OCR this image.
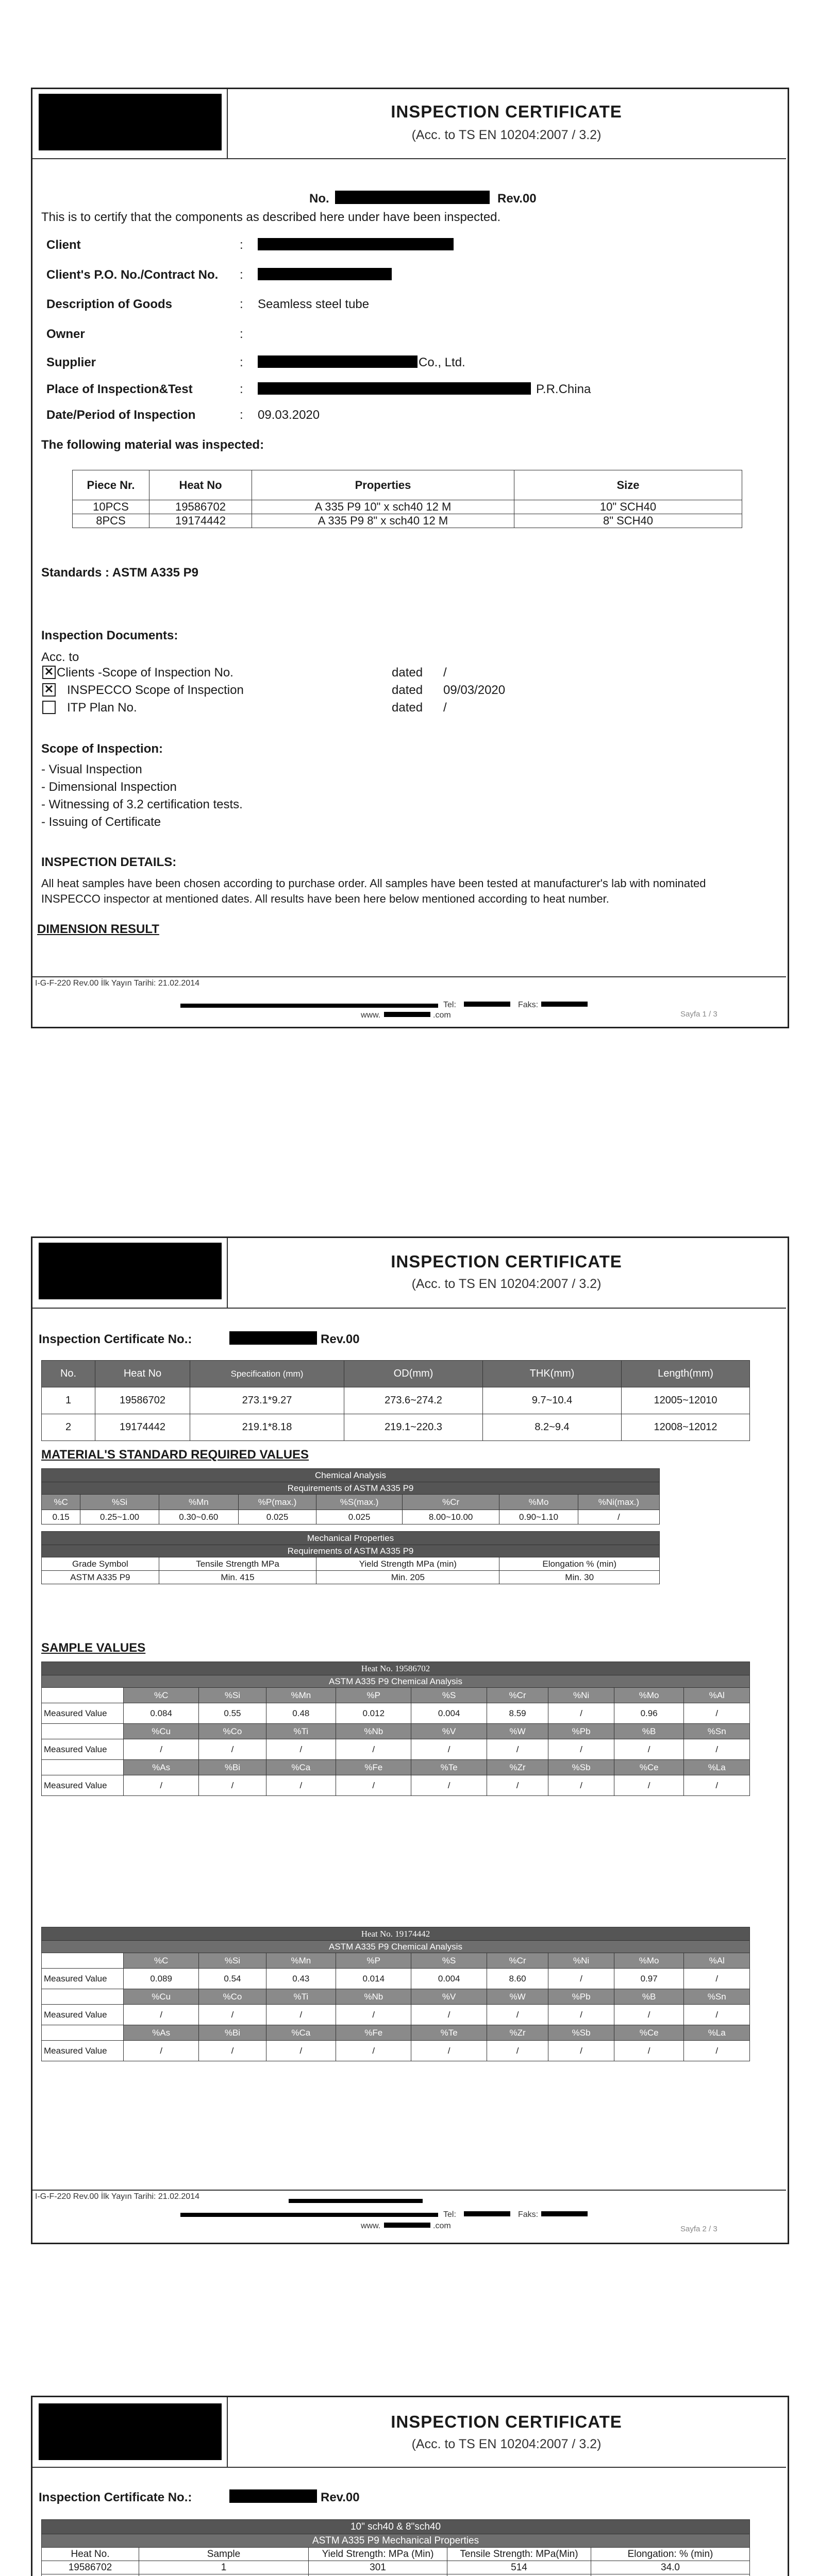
INSPECTION CERTIFICATE
(Acc. to TS EN 10204:2007 / 3.2)
No.	Rev.00
This is to certify that the components as described here under have been inspected.
Client	:
Client's P.O. No./Contract No. :
Description of Goods	: Seamless steel tube
Owner	:
Supplier	:	Co., Ltd.
Place of Inspection&Test	:	P.R.China
Date/Period of Inspection	: 09.03.2020
The following material was inspected:
Piece Nr.	Heat No	Properties	Size
10PCS	19586702	A 335 P9 10" x sch40 12 M	10" SCH40
8PCS	19174442	A 335 P9 8" x sch40 12 M	8" SCH40
Standards : ASTM A335 P9
Inspection Documents:
Acc. to
✕ Clients -Scope of Inspection No.	dated /
✕ INSPECCO Scope of Inspection	dated 09/03/2020
ITP Plan No.	dated /
Scope of Inspection:
- Visual Inspection
- Dimensional Inspection
- Witnessing of 3.2 certification tests.
- Issuing of Certificate
INSPECTION DETAILS:
All heat samples have been chosen according to purchase order. All samples have been tested at manufacturer's lab with nominated
INSPECCO inspector at mentioned dates. All results have been here below mentioned according to heat number.
DIMENSION RESULT
I-G-F-220 Rev.00 İlk Yayın Tarihi: 21.02.2014
Tel:	Faks:
www.	.com	Sayfa 1 / 3
INSPECTION CERTIFICATE
(Acc. to TS EN 10204:2007 / 3.2)
Inspection Certificate No.:	Rev.00
No.	Heat No	Specification (mm)	OD(mm)	THK(mm)	Length(mm)
1	19586702	273.1*9.27	273.6~274.2	9.7~10.4	12005~12010
2	19174442	219.1*8.18	219.1~220.3	8.2~9.4	12008~12012
MATERIAL'S STANDARD REQUIRED VALUES
Chemical Analysis							
Requirements of ASTM A335 P9							
%C	%Si	%Mn	%P(max.)	%S(max.)	%Cr	%Mo	%Ni(max.)
0.15	0.25~1.00	0.30~0.60	0.025	0.025	8.00~10.00	0.90~1.10	/

Mechanical Properties							
Requirements of ASTM A335 P9							
Grade Symbol		Tensile Strength MPa		Yield Strength MPa (min)		Elongation % (min)	
ASTM A335 P9		Min. 415		Min. 205		Min. 30	
SAMPLE VALUES
Heat No. 19586702									
ASTM A335 P9 Chemical Analysis									
	%C	%Si	%Mn	%P	%S	%Cr	%Ni	%Mo	%Al
Measured Value	0.084	0.55	0.48	0.012	0.004	8.59	/	0.96	/
	%Cu	%Co	%Ti	%Nb	%V	%W	%Pb	%B	%Sn
Measured Value	/	/	/	/	/	/	/	/	/
	%As	%Bi	%Ca	%Fe	%Te	%Zr	%Sb	%Ce	%La
Measured Value	/	/	/	/	/	/	/	/	/
Heat No. 19174442									
ASTM A335 P9 Chemical Analysis									
	%C	%Si	%Mn	%P	%S	%Cr	%Ni	%Mo	%Al
Measured Value	0.089	0.54	0.43	0.014	0.004	8.60	/	0.97	/
	%Cu	%Co	%Ti	%Nb	%V	%W	%Pb	%B	%Sn
Measured Value	/	/	/	/	/	/	/	/	/
	%As	%Bi	%Ca	%Fe	%Te	%Zr	%Sb	%Ce	%La
Measured Value	/	/	/	/	/	/	/	/	/
I-G-F-220 Rev.00 İlk Yayın Tarihi: 21.02.2014
Tel:	Faks:
www.	.com	Sayfa 2 / 3
INSPECTION CERTIFICATE
(Acc. to TS EN 10204:2007 / 3.2)
Inspection Certificate No.:	Rev.00
10" sch40 & 8"sch40				
ASTM A335 P9 Mechanical Properties				
Heat No.	Sample	Yield Strength: MPa (Min)	Tensile Strength: MPa(Min)	Elongation: % (min)
19586702	1	301	514	34.0
